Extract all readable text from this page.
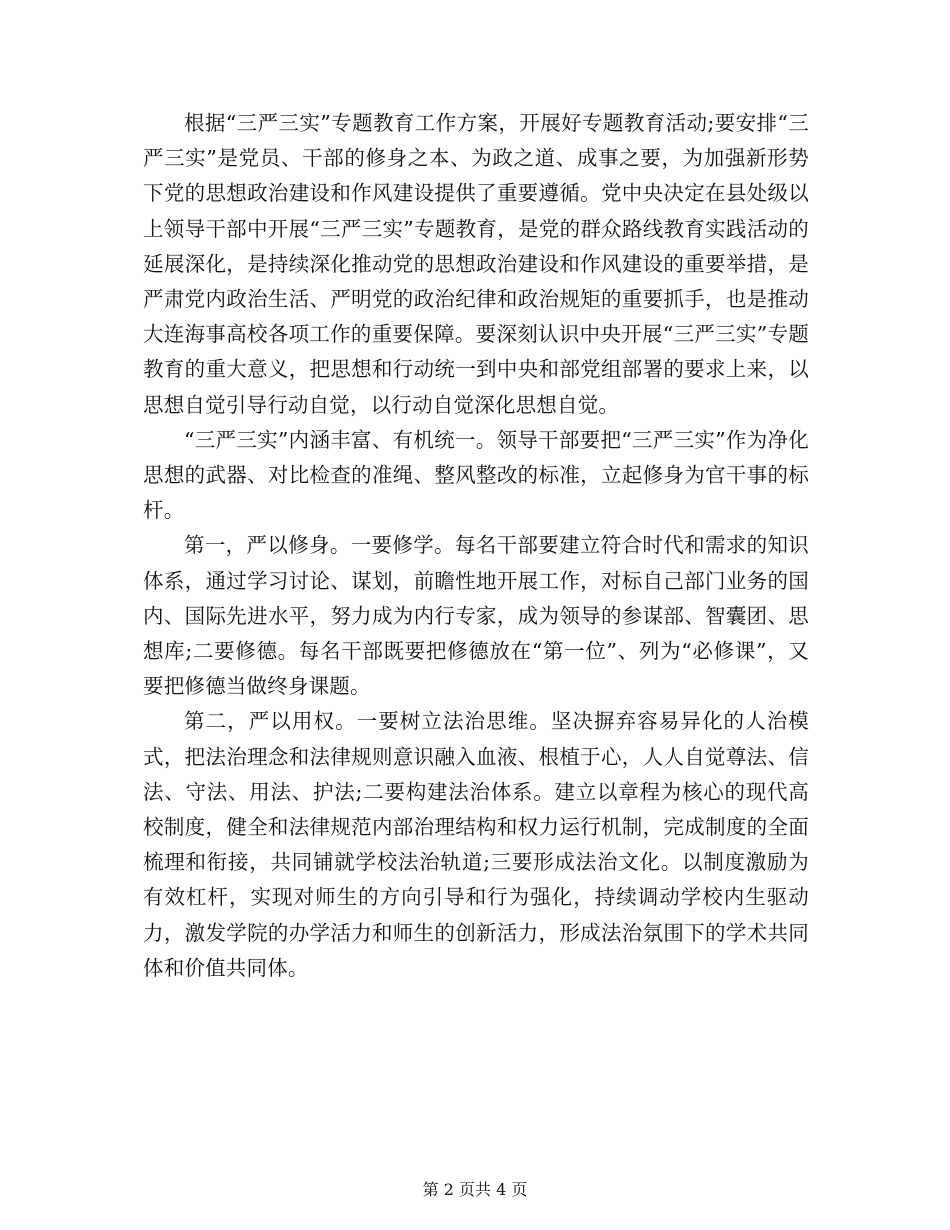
根据“三严三实”专题教育工作方案，开展好专题教育活动;要安排“三严三实”是党员、干部的修身之本、为政之道、成事之要，为加强新形势下党的思想政治建设和作风建设提供了重要遵循。党中央决定在县处级以上领导干部中开展“三严三实”专题教育，是党的群众路线教育实践活动的延展深化，是持续深化推动党的思想政治建设和作风建设的重要举措，是严肃党内政治生活、严明党的政治纪律和政治规矩的重要抓手，也是推动大连海事高校各项工作的重要保障。要深刻认识中央开展“三严三实”专题教育的重大意义，把思想和行动统一到中央和部党组部署的要求上来，以思想自觉引导行动自觉，以行动自觉深化思想自觉。

“三严三实”内涵丰富、有机统一。领导干部要把“三严三实”作为净化思想的武器、对比检查的准绳、整风整改的标准，立起修身为官干事的标杆。

第一，严以修身。一要修学。每名干部要建立符合时代和需求的知识体系，通过学习讨论、谋划，前瞻性地开展工作，对标自己部门业务的国内、国际先进水平，努力成为内行专家，成为领导的参谋部、智囊团、思想库;二要修德。每名干部既要把修德放在“第一位”、列为“必修课”，又要把修德当做终身课题。

第二，严以用权。一要树立法治思维。坚决摒弃容易异化的人治模式，把法治理念和法律规则意识融入血液、根植于心，人人自觉尊法、信法、守法、用法、护法;二要构建法治体系。建立以章程为核心的现代高校制度，健全和法律规范内部治理结构和权力运行机制，完成制度的全面梳理和衔接，共同铺就学校法治轨道;三要形成法治文化。以制度激励为有效杠杆，实现对师生的方向引导和行为强化，持续调动学校内生驱动力，激发学院的办学活力和师生的创新活力，形成法治氛围下的学术共同体和价值共同体。

第 2 页共 4 页
